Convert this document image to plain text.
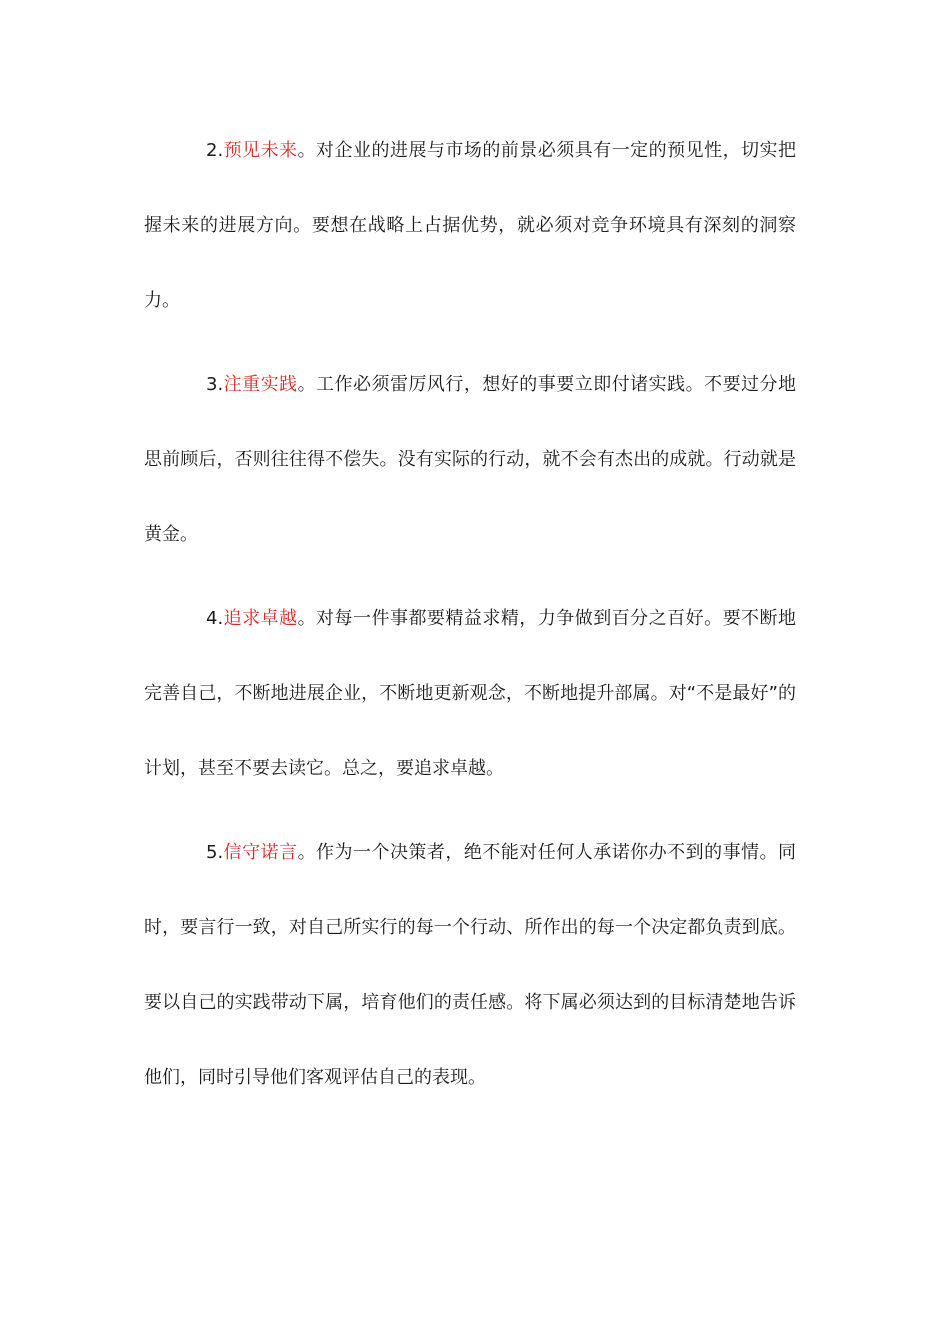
2.预见未来。对企业的进展与市场的前景必须具有一定的预见性，切实把握未来的进展方向。要想在战略上占据优势，就必须对竞争环境具有深刻的洞察力。

3.注重实践。工作必须雷厉风行，想好的事要立即付诸实践。不要过分地思前顾后，否则往往得不偿失。没有实际的行动，就不会有杰出的成就。行动就是黄金。

4.追求卓越。对每一件事都要精益求精，力争做到百分之百好。要不断地完善自己，不断地进展企业，不断地更新观念，不断地提升部属。对“不是最好”的计划，甚至不要去读它。总之，要追求卓越。

5.信守诺言。作为一个决策者，绝不能对任何人承诺你办不到的事情。同时，要言行一致，对自己所实行的每一个行动、所作出的每一个决定都负责到底。要以自己的实践带动下属，培育他们的责任感。将下属必须达到的目标清楚地告诉他们，同时引导他们客观评估自己的表现。
